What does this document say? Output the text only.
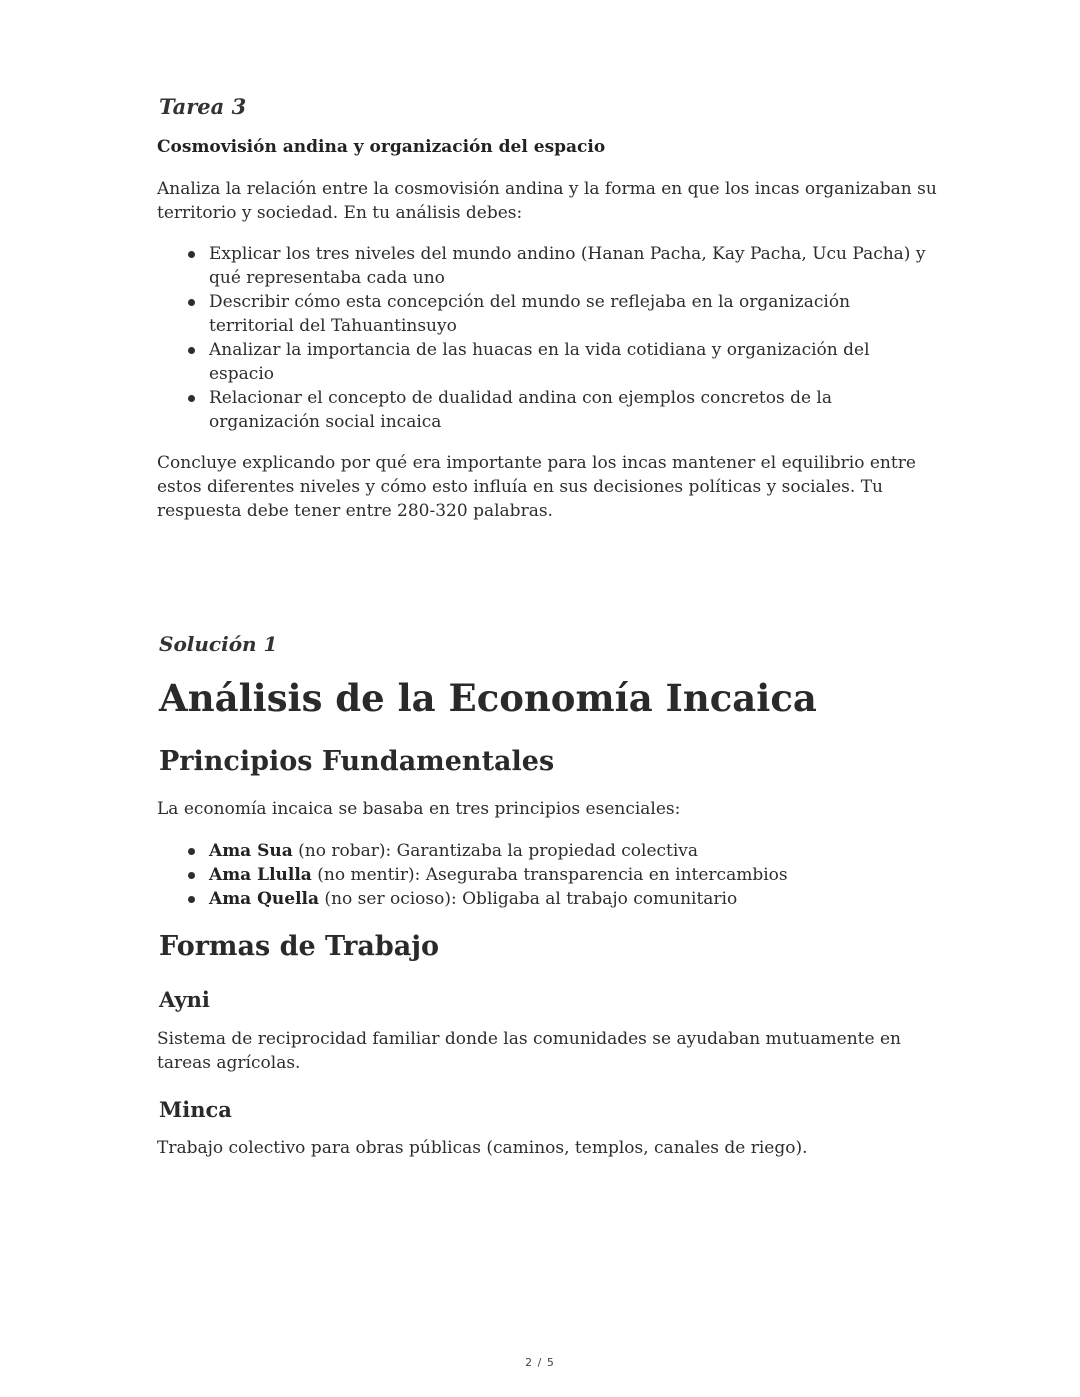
Tarea 3
Cosmovisión andina y organización del espacio

Analiza la relación entre la cosmovisión andina y la forma en que los incas organizaban su territorio y sociedad. En tu análisis debes:

Explicar los tres niveles del mundo andino (Hanan Pacha, Kay Pacha, Ucu Pacha) y qué representaba cada uno
Describir cómo esta concepción del mundo se reflejaba en la organización territorial del Tahuantinsuyo
Analizar la importancia de las huacas en la vida cotidiana y organización del espacio
Relacionar el concepto de dualidad andina con ejemplos concretos de la organización social incaica

Concluye explicando por qué era importante para los incas mantener el equilibrio entre estos diferentes niveles y cómo esto influía en sus decisiones políticas y sociales. Tu respuesta debe tener entre 280-320 palabras.

Solución 1
Análisis de la Economía Incaica
Principios Fundamentales

La economía incaica se basaba en tres principios esenciales:

Ama Sua (no robar): Garantizaba la propiedad colectiva
Ama Llulla (no mentir): Aseguraba transparencia en intercambios
Ama Quella (no ser ocioso): Obligaba al trabajo comunitario
Formas de Trabajo
Ayni

Sistema de reciprocidad familiar donde las comunidades se ayudaban mutuamente en tareas agrícolas.

Minca

Trabajo colectivo para obras públicas (caminos, templos, canales de riego).

2 / 5
